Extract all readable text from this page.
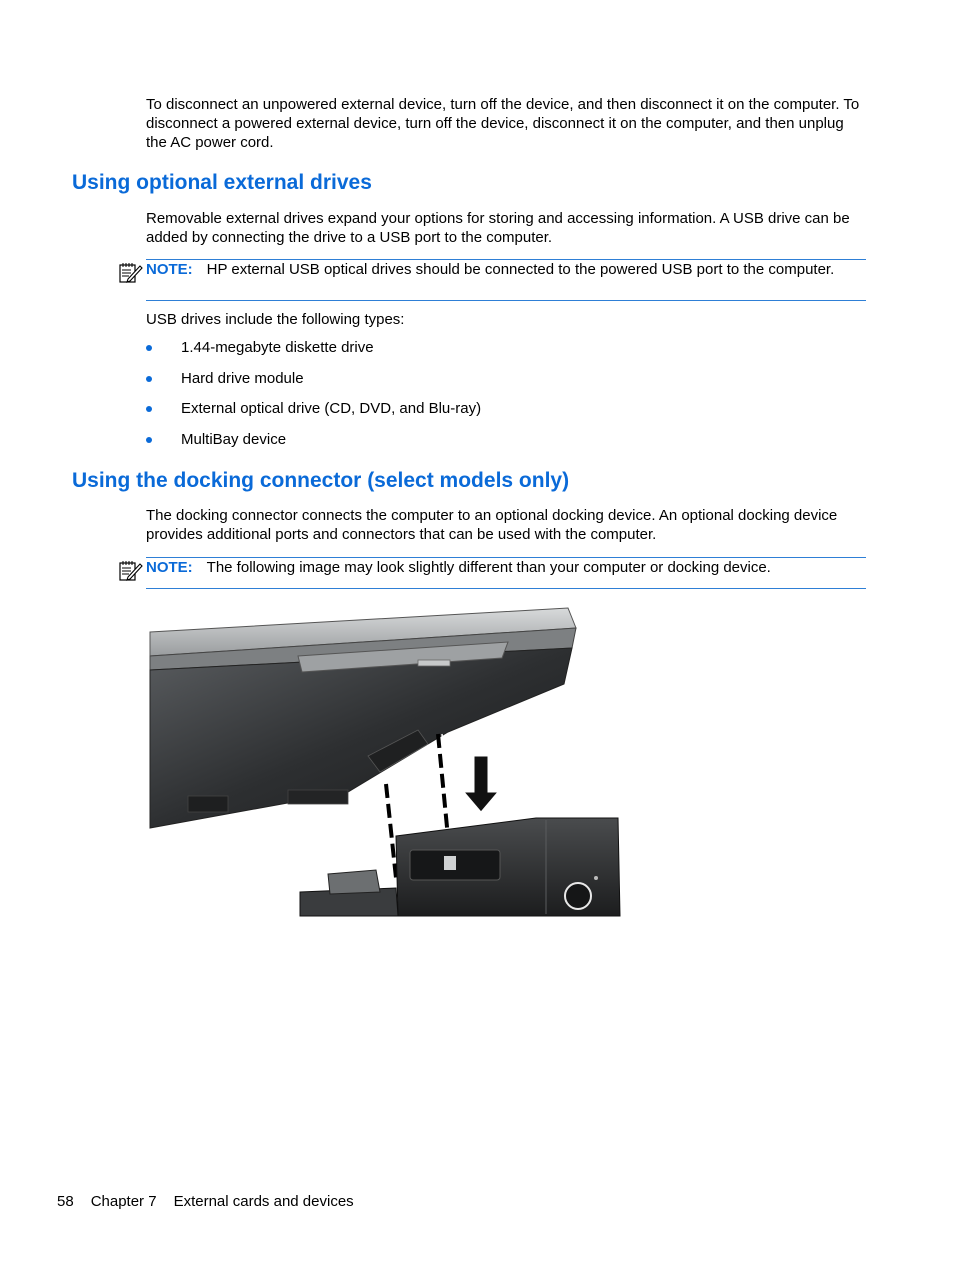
To disconnect an unpowered external device, turn off the device, and then disconnect it on the computer. To disconnect a powered external device, turn off the device, disconnect it on the computer, and then unplug the AC power cord.

Using optional external drives

Removable external drives expand your options for storing and accessing information. A USB drive can be added by connecting the drive to a USB port to the computer.

NOTE: HP external USB optical drives should be connected to the powered USB port to the computer.

USB drives include the following types:

1.44-megabyte diskette drive
Hard drive module
External optical drive (CD, DVD, and Blu-ray)
MultiBay device
Using the docking connector (select models only)

The docking connector connects the computer to an optional docking device. An optional docking device provides additional ports and connectors that can be used with the computer.

NOTE: The following image may look slightly different than your computer or docking device.
58 Chapter 7 External cards and devices
